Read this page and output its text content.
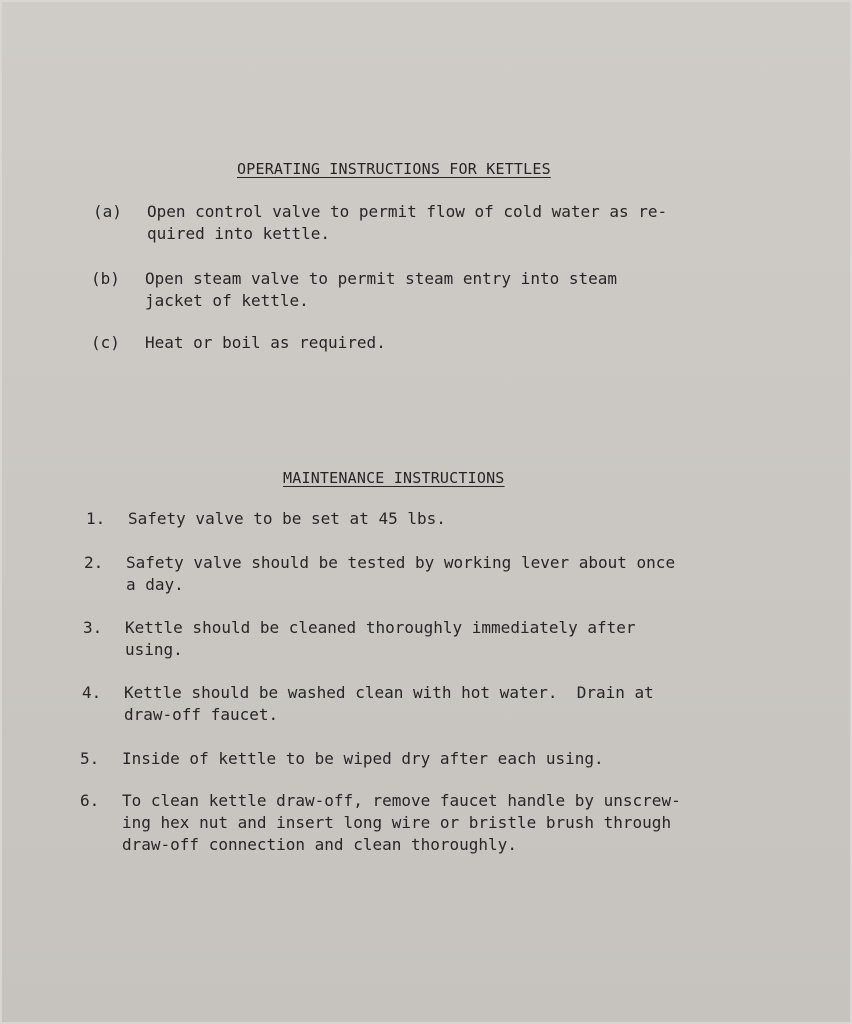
OPERATING INSTRUCTIONS FOR KETTLES
(a) Open control valve to permit flow of cold water as re-
quired into kettle.
(b) Open steam valve to permit steam entry into steam
jacket of kettle.
(c) Heat or boil as required.
MAINTENANCE INSTRUCTIONS
1. Safety valve to be set at 45 lbs.
2. Safety valve should be tested by working lever about once
a day.
3. Kettle should be cleaned thoroughly immediately after
using.
4. Kettle should be washed clean with hot water.  Drain at
draw-off faucet.
5. Inside of kettle to be wiped dry after each using.
6. To clean kettle draw-off, remove faucet handle by unscrew-
ing hex nut and insert long wire or bristle brush through
draw-off connection and clean thoroughly.
